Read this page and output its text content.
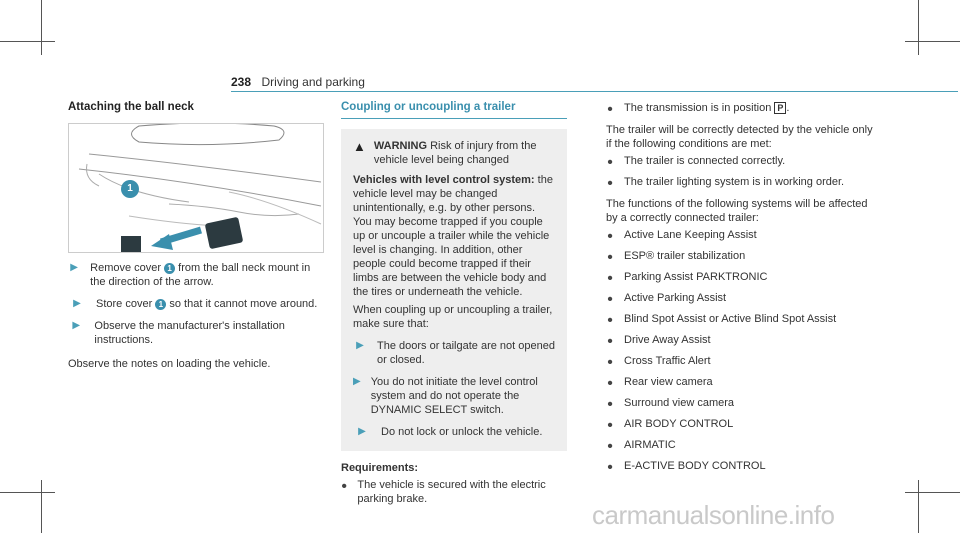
238 Driving and parking
Attaching the ball neck
1
▶ Remove cover 1 from the ball neck mount in the direction of the arrow.
▶	Store cover 1 so that it cannot move around.
▶	Observe the manufacturer's installation instructions.
Observe the notes on loading the vehicle.
Coupling or uncoupling a trailer
▲ WARNING Risk of injury from the vehicle level being changed
Vehicles with level control system: the vehicle level may be changed unintentionally, e.g. by other persons. You may become trapped if you couple up or uncouple a trailer while the vehicle level is changing. In addition, other people could become trapped if their limbs are between the vehicle body and the tires or underneath the vehicle.
When coupling up or uncoupling a trailer, make sure that:
▶ The doors or tailgate are not opened or closed.
▶ You do not initiate the level control system and do not operate the DYNAMIC SELECT switch.
▶	Do not lock or unlock the vehicle.
Requirements:
• The vehicle is secured with the electric parking brake.
• The transmission is in position P .
The trailer will be correctly detected by the vehicle only if the following conditions are met:
• The trailer is connected correctly.
• The trailer lighting system is in working order.
The functions of the following systems will be affected by a correctly connected trailer:
• Active Lane Keeping Assist
• ESP® trailer stabilization
• Parking Assist PARKTRONIC
• Active Parking Assist
• Blind Spot Assist or Active Blind Spot Assist
• Drive Away Assist
• Cross Traffic Alert
• Rear view camera
• Surround view camera
• AIR BODY CONTROL
• AIRMATIC
• E-ACTIVE BODY CONTROL
carmanualsonline.info
